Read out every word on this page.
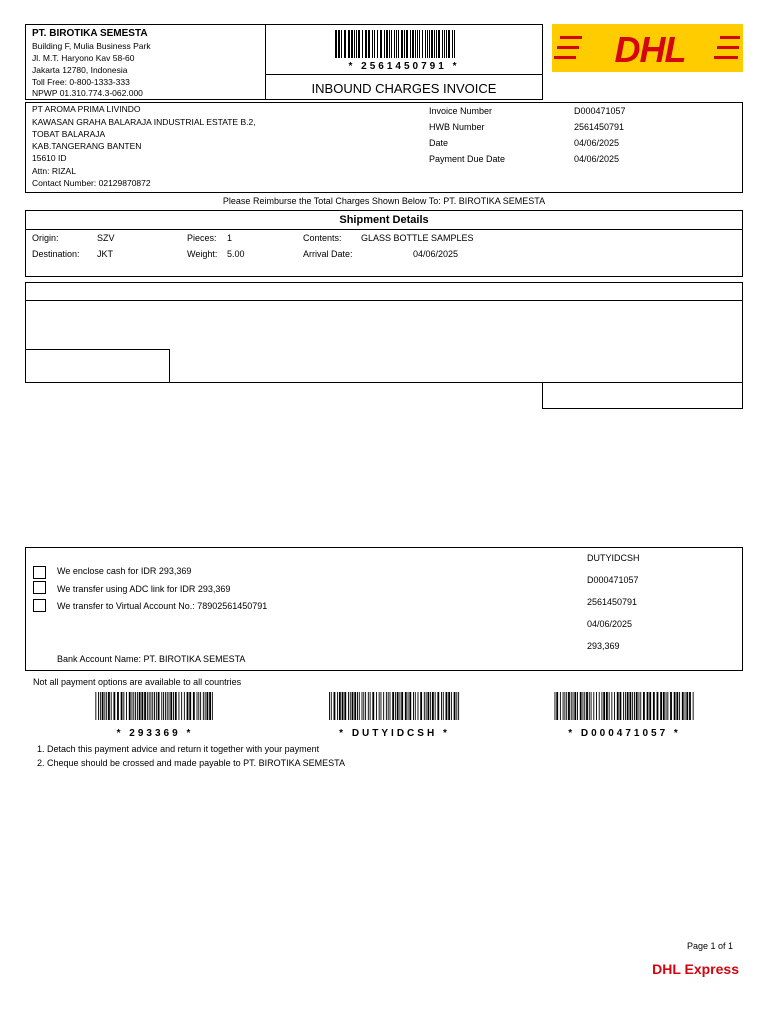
PT. BIROTIKA SEMESTA
Building F, Mulia Business Park
Jl. M.T. Haryono Kav 58-60
Jakarta 12780, Indonesia
Toll Free: 0-800-1333-333
NPWP 01.310.774.3-062.000
* 2561450791 *
INBOUND CHARGES INVOICE
DHL
PT AROMA PRIMA LIVINDO
KAWASAN GRAHA BALARAJA INDUSTRIAL ESTATE B.2,
TOBAT BALARAJA
KAB.TANGERANG BANTEN
15610 ID
Attn: RIZAL
Contact Number: 02129870872
Invoice Number	D000471057
HWB Number	2561450791
Date	04/06/2025
Payment Due Date	04/06/2025
Please Reimburse the Total Charges Shown Below To: PT. BIROTIKA SEMESTA
Shipment Details
Origin:	SZV	Pieces: 1	Contents: GLASS BOTTLE SAMPLES
Destination: JKT	Weight: 5.00	Arrival Date:	04/06/2025
We enclose cash for IDR 293,369
We transfer using ADC link for IDR 293,369
We transfer to Virtual Account No.: 78902561450791
Bank Account Name: PT. BIROTIKA SEMESTA
DUTYIDCSH
D000471057
2561450791
04/06/2025
293,369
Not all payment options are available to all countries
* 293369 *	* DUTYIDCSH *	* D000471057 *
1. Detach this payment advice and return it together with your payment
2. Cheque should be crossed and made payable to PT. BIROTIKA SEMESTA
Page 1 of 1
DHL Express
